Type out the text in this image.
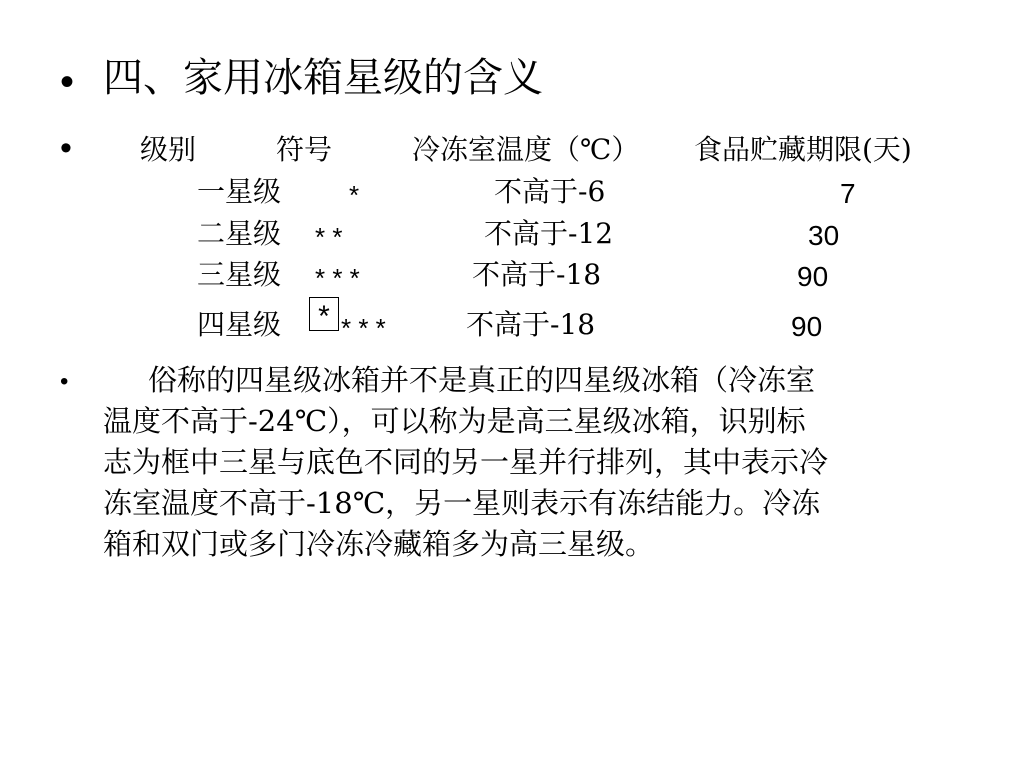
• 四、家用冰箱星级的含义
• 级别	符号	冷冻室温度（℃） 食品贮藏期限(天)
一星级	*	不高于-6	7
二星级 * *	不高于-12	30
三星级 * * *	不高于-18	90
四星级	* * * *	不高于-18	90
•	俗称的四星级冰箱并不是真正的四星级冰箱（冷冻室
温度不高于-24℃），可以称为是高三星级冰箱，识别标
志为框中三星与底色不同的另一星并行排列，其中表示冷
冻室温度不高于-18℃，另一星则表示有冻结能力。冷冻
箱和双门或多门冷冻冷藏箱多为高三星级。
